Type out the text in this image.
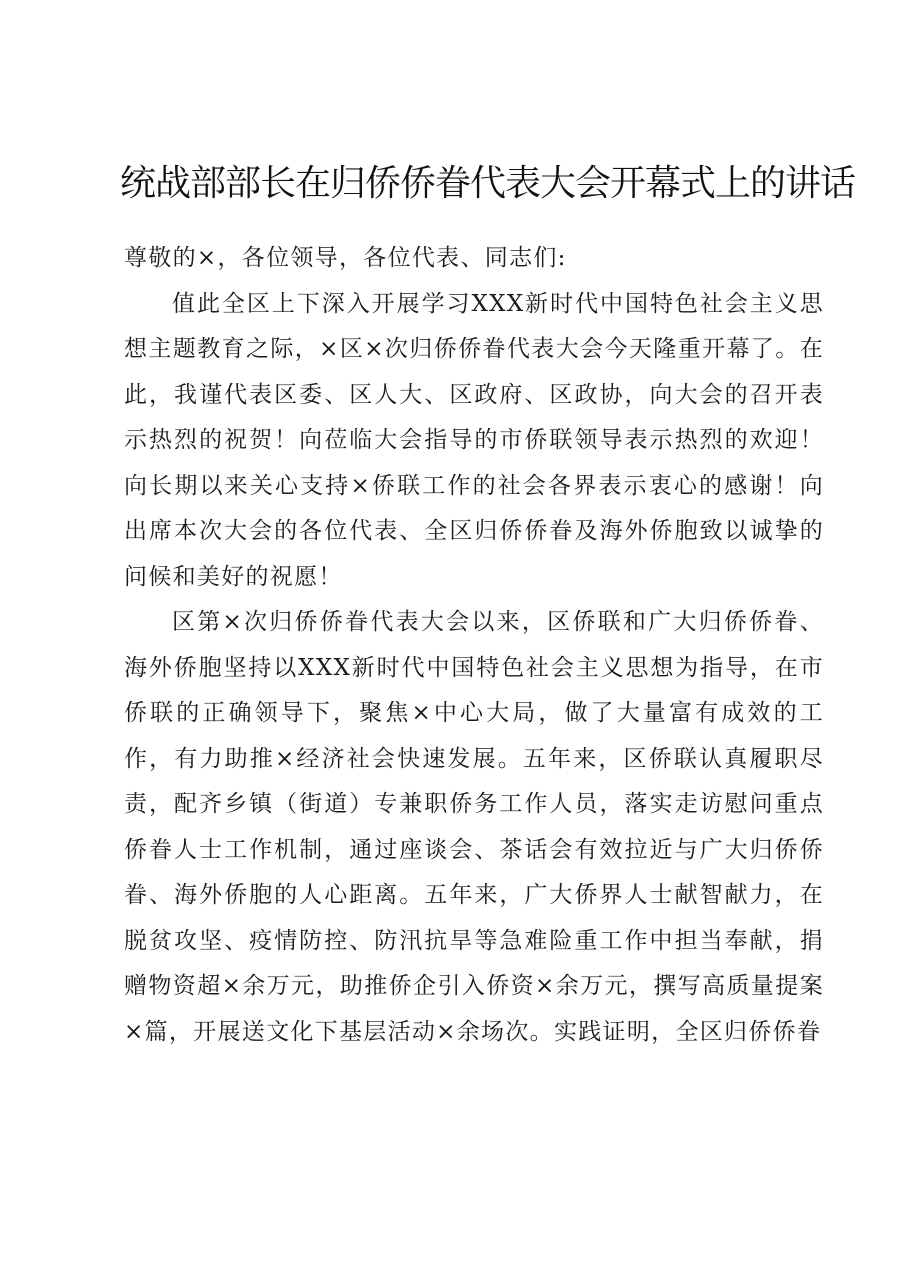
统战部部长在归侨侨眷代表大会开幕式上的讲话

尊敬的×，各位领导，各位代表、同志们:

值此全区上下深入开展学习XXX新时代中国特色社会主义思想主题教育之际，×区×次归侨侨眷代表大会今天隆重开幕了。在此，我谨代表区委、区人大、区政府、区政协，向大会的召开表示热烈的祝贺！向莅临大会指导的市侨联领导表示热烈的欢迎！向长期以来关心支持×侨联工作的社会各界表示衷心的感谢！向出席本次大会的各位代表、全区归侨侨眷及海外侨胞致以诚挚的问候和美好的祝愿！

区第×次归侨侨眷代表大会以来，区侨联和广大归侨侨眷、海外侨胞坚持以XXX新时代中国特色社会主义思想为指导，在市侨联的正确领导下，聚焦×中心大局，做了大量富有成效的工作，有力助推×经济社会快速发展。五年来，区侨联认真履职尽责，配齐乡镇（街道）专兼职侨务工作人员，落实走访慰问重点侨眷人士工作机制，通过座谈会、茶话会有效拉近与广大归侨侨眷、海外侨胞的人心距离。五年来，广大侨界人士献智献力，在脱贫攻坚、疫情防控、防汛抗旱等急难险重工作中担当奉献，捐赠物资超×余万元，助推侨企引入侨资×余万元，撰写高质量提案×篇，开展送文化下基层活动×余场次。实践证明，全区归侨侨眷
